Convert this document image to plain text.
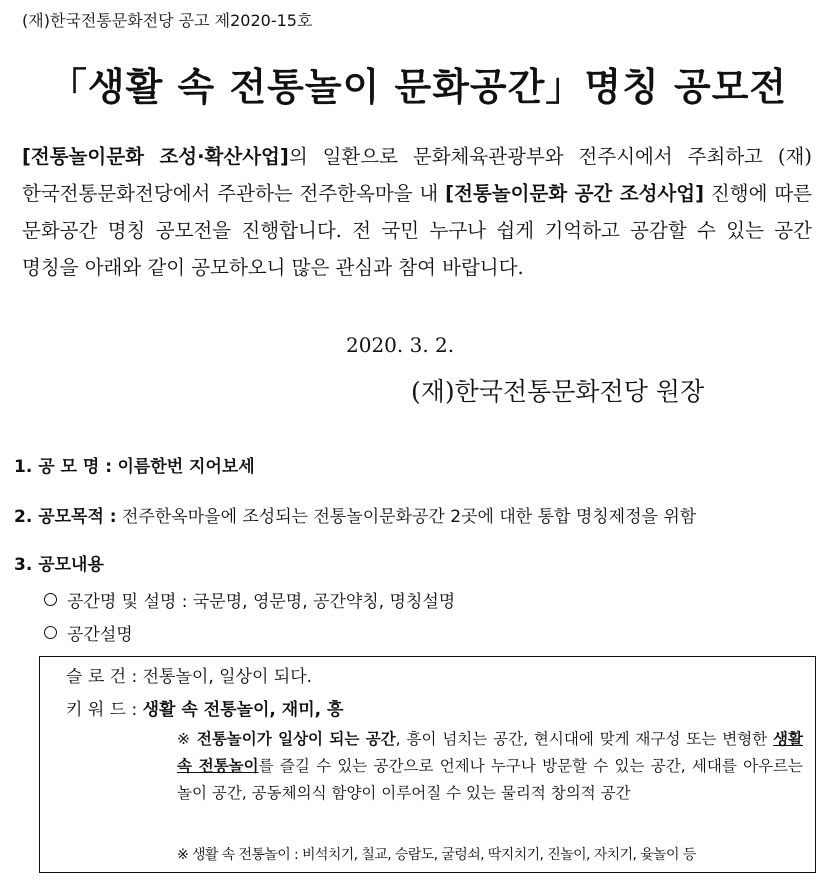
(재)한국전통문화전당 공고 제2020-15호
「생활 속 전통놀이 문화공간」명칭 공모전
[전통놀이문화 조성·확산사업]의 일환으로 문화체육관광부와 전주시에서 주최하고 (재)한국전통문화전당에서 주관하는 전주한옥마을 내 [전통놀이문화 공간 조성사업] 진행에 따른 문화공간 명칭 공모전을 진행합니다. 전 국민 누구나 쉽게 기억하고 공감할 수 있는 공간 명칭을 아래와 같이 공모하오니 많은 관심과 참여 바랍니다.
2020. 3. 2.
(재)한국전통문화전당 원장
1. 공 모 명 : 이름한번 지어보세
2. 공모목적 : 전주한옥마을에 조성되는 전통놀이문화공간 2곳에 대한 통합 명칭제정을 위함
3. 공모내용
공간명 및 설명 : 국문명, 영문명, 공간약칭, 명칭설명
공간설명
슬 로 건 : 전통놀이, 일상이 되다.
키 워 드 : 생활 속 전통놀이, 재미, 흥
※ 전통놀이가 일상이 되는 공간, 흥이 넘치는 공간, 현시대에 맞게 재구성 또는 변형한 생활 속 전통놀이를 즐길 수 있는 공간으로 언제나 누구나 방문할 수 있는 공간, 세대를 아우르는 놀이 공간, 공동체의식 함양이 이루어질 수 있는 물리적 창의적 공간
※ 생활 속 전통놀이 : 비석치기, 칠교, 승람도, 굴렁쇠, 딱지치기, 진놀이, 자치기, 윷놀이 등
